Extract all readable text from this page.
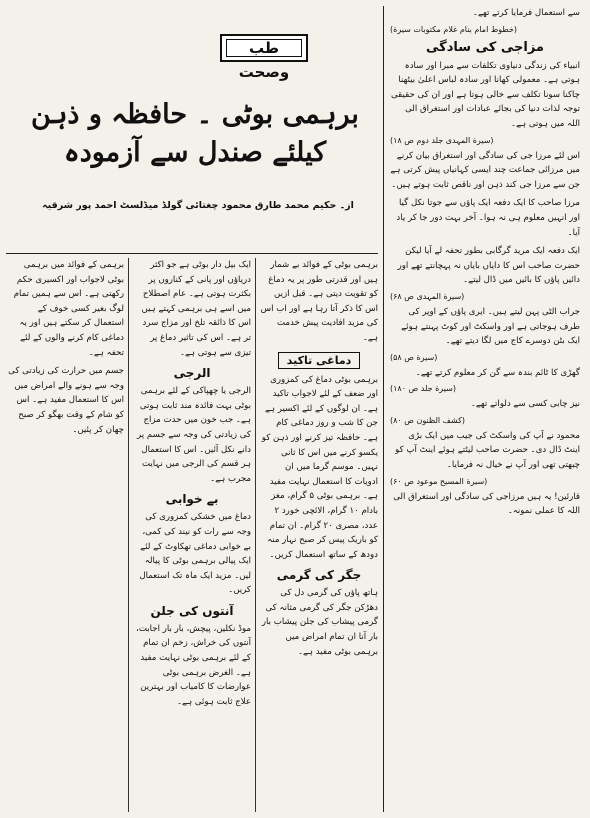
سے استعمال فرمایا کرتے تھے۔

(خطوط امام بنام غلام مکتوبات سیرة)
مزاجی کی سادگی

انبیاء کی زندگی دنیاوی تکلفات سے مبرا اور سادہ ہوتی ہے۔ معمولی کھانا اور سادہ لباس اعلیٰ بیٹھنا چاکنا سونا تکلف سے خالی ہوتا ہے اور ان کی حقیقی توجہ لذات دنیا کی بجائے عبادات اور استغراق الی اللہ میں ہوتی ہے۔

(سیرة المہدی جلد دوم ص ۱۸)

اس لئے مرزا جی کی سادگی اور استغراق بیان کرنے میں مرزائی جماعت چند ایسی کہانیاں پیش کرتی ہے جن سے مرزا جی کند ذہن اور ناقص ثابت ہوتے ہیں۔

مرزا صاحب کا ایک دفعہ ایک پاؤں سے جوتا نکل گیا اور انہیں معلوم ہی نہ ہوا۔ آخر بہت دور جا کر یاد آیا۔

ایک دفعہ ایک مرید گرگابی بطور تحفہ لے آیا لیکن حضرت صاحب اس کا دایاں بایاں نہ پہچانتے تھے اور دائیں پاؤں کا بائیں میں ڈال لیتے۔

(سیرة المہدی ص ۶۸)

جراب الٹی پہن لیتے ہیں۔ ایری پاؤں کے اوپر کی طرف ہوجاتی ہے اور واسکٹ اور کوٹ پہنتے ہوئے ایک بٹن دوسرے کاج میں لگا دیتے تھے۔

(سیرة ص ۵۸)

گھڑی کا ٹائم بندہ سے گن کر معلوم کرتے تھے۔

(سیرة جلد ص ۱۸۰)

نیز چابی کسی سے دلواتے تھے۔

(کشف الظنون ص ۸۰)

محمود نے آپ کی واسکٹ کی جیب میں ایک بڑی اینٹ ڈال دی۔ حضرت صاحب لیٹتے ہوئے اینٹ آپ کو چبھتی تھی اور آپ نے خیال نہ فرمایا۔

(سیرة المسیح موعود ص ۶۰)

قارئین! یہ ہیں مرزاجی کی سادگی اور استغراق الی اللہ کا عملی نمونہ۔

طب وصحت
برہمی بوٹی ۔ حافظہ و ذہن کیلئے صندل سے آزمودہ
از۔ حکیم محمد طارق محمود چغتائی گولڈ میڈلسٹ احمد پور شرقیہ

برہمی بوٹی کے فوائد بے شمار ہیں اور قدرتی طور پر یہ دماغ کو تقویت دیتی ہے۔ قبل ازیں اس کا ذکر آتا رہا ہے اور اب اس کی مزید افادیت پیش خدمت ہے۔

دماغی تاکید

برہمی بوٹی دماغ کی کمزوری اور ضعف کے لئے لاجواب تاکید ہے۔ ان لوگوں کے لئے اکسیر ہے جن کا شب و روز دماغی کام ہے۔ حافظہ تیز کرنے اور ذہن کو یکسو کرنے میں اس کا ثانی نہیں۔ موسم گرما میں ان ادویات کا استعمال نہایت مفید ہے۔ برہمی بوٹی ۵ گرام، مغز بادام ۱۰ گرام، الائچی خورد ۲ عدد، مصری ۲۰ گرام۔ ان تمام کو باریک پیس کر صبح نہار منہ دودھ کے ساتھ استعمال کریں۔

جگر کی گرمی

ہاتھ پاؤں کی گرمی دل کی دھڑکن جگر کی گرمی مثانہ کی گرمی پیشاب کی جلن پیشاب بار بار آنا ان تمام امراض میں برہمی بوٹی مفید ہے۔

ایک بیل دار بوٹی ہے جو اکثر دریاؤں اور پانی کے کناروں پر بکثرت ہوتی ہے۔ عام اصطلاح میں اسے ہی برہمی کہتے ہیں اس کا ذائقہ تلخ اور مزاج سرد تر ہے۔ اس کی تاثیر دماغ پر تیزی سے ہوتی ہے۔

الرجی

الرجی یا چھپاکی کے لئے برہمی بوٹی بہت فائدہ مند ثابت ہوتی ہے۔ جب خون میں حدت مزاج کی زیادتی کی وجہ سے جسم پر دانے نکل آئیں۔ اس کا استعمال ہر قسم کی الرجی میں نہایت مجرب ہے۔

بے خوابی

دماغ میں خشکی کمزوری کی وجہ سے رات کو نیند کی کمی، بے خوابی دماغی تھکاوٹ کے لئے ایک پیالی برہمی بوٹی کا پیالہ لیں۔ مزید ایک ماہ تک استعمال کریں۔

آنتوں کی جلن

موڈ نکلیں، پیچش، بار بار اجابت، آنتوں کی خراش، زخم ان تمام کے لئے برہمی بوٹی نہایت مفید ہے۔ الغرض برہمی بوٹی عوارضات کا کامیاب اور بہترین علاج ثابت ہوئی ہے۔

برہمی کے فوائد میں برہمی بوٹی لاجواب اور اکسیری حکم رکھتی ہے۔ اس سے ہمیں تمام لوگ بغیر کسی خوف کے استعمال کر سکتے ہیں اور یہ دماغی کام کرنے والوں کے لئے تحفہ ہے۔

جسم میں حرارت کی زیادتی کی وجہ سے ہونے والے امراض میں اس کا استعمال مفید ہے۔ اس کو شام کے وقت بھگو کر صبح چھان کر پئیں۔
